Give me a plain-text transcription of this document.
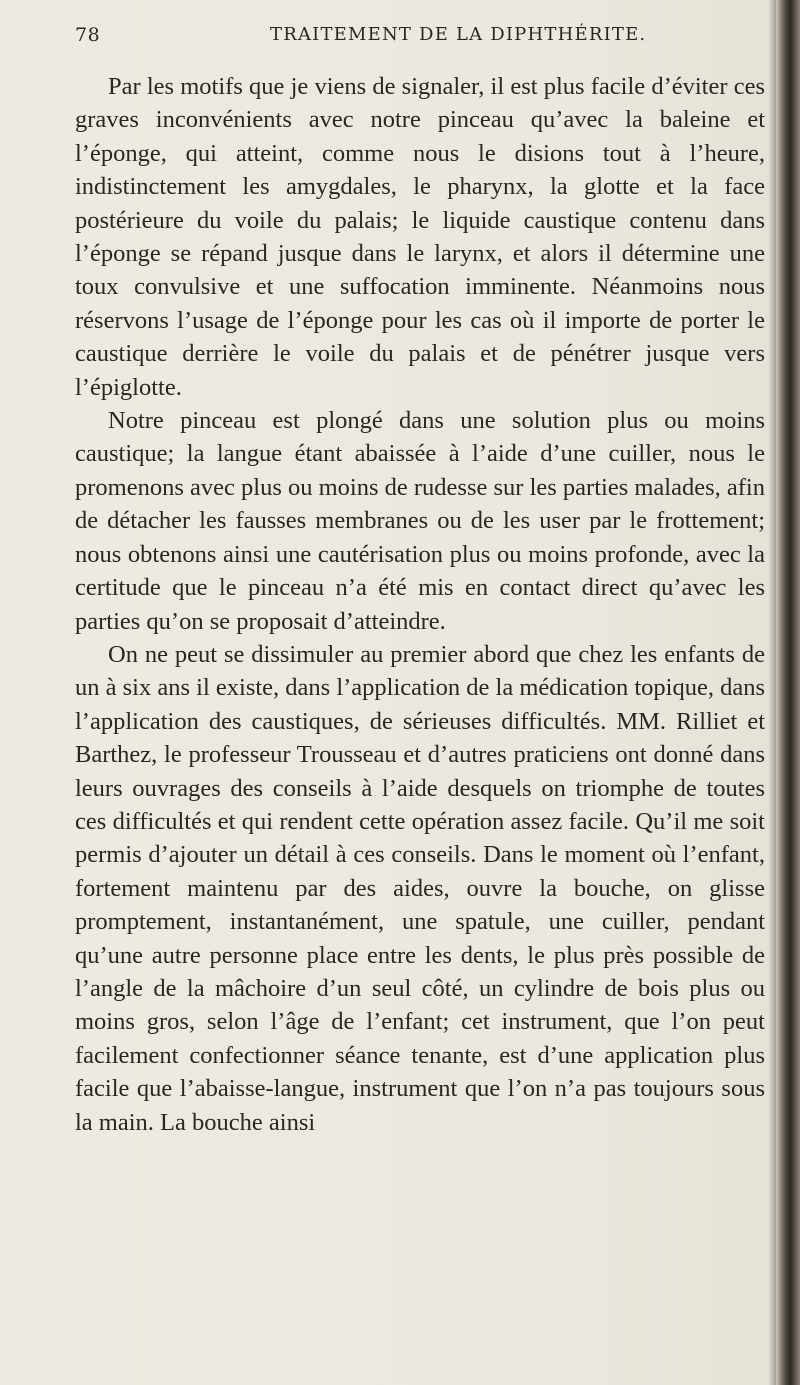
78	TRAITEMENT DE LA DIPHTHÉRITE.

Par les motifs que je viens de signaler, il est plus facile d’éviter ces graves inconvénients avec notre pinceau qu’avec la baleine et l’éponge, qui atteint, comme nous le disions tout à l’heure, indistinctement les amygdales, le pharynx, la glotte et la face postérieure du voile du palais; le liquide caustique contenu dans l’éponge se répand jusque dans le larynx, et alors il détermine une toux convulsive et une suffocation imminente. Néanmoins nous réservons l’usage de l’éponge pour les cas où il importe de porter le caustique derrière le voile du palais et de pénétrer jusque vers l’épiglotte.

Notre pinceau est plongé dans une solution plus ou moins caustique; la langue étant abaissée à l’aide d’une cuiller, nous le promenons avec plus ou moins de rudesse sur les parties malades, afin de détacher les fausses membranes ou de les user par le frottement; nous obtenons ainsi une cautérisation plus ou moins profonde, avec la certitude que le pinceau n’a été mis en contact direct qu’avec les parties qu’on se proposait d’atteindre.

On ne peut se dissimuler au premier abord que chez les enfants de un à six ans il existe, dans l’application de la médication topique, dans l’application des caustiques, de sérieuses difficultés. MM. Rilliet et Barthez, le professeur Trousseau et d’autres praticiens ont donné dans leurs ouvrages des conseils à l’aide desquels on triomphe de toutes ces difficultés et qui rendent cette opération assez facile. Qu’il me soit permis d’ajouter un détail à ces conseils. Dans le moment où l’enfant, fortement maintenu par des aides, ouvre la bouche, on glisse promptement, instantanément, une spatule, une cuiller, pendant qu’une autre personne place entre les dents, le plus près possible de l’angle de la mâchoire d’un seul côté, un cylindre de bois plus ou moins gros, selon l’âge de l’enfant; cet instrument, que l’on peut facilement confectionner séance tenante, est d’une application plus facile que l’abaisse-langue, instrument que l’on n’a pas toujours sous la main. La bouche ainsi
